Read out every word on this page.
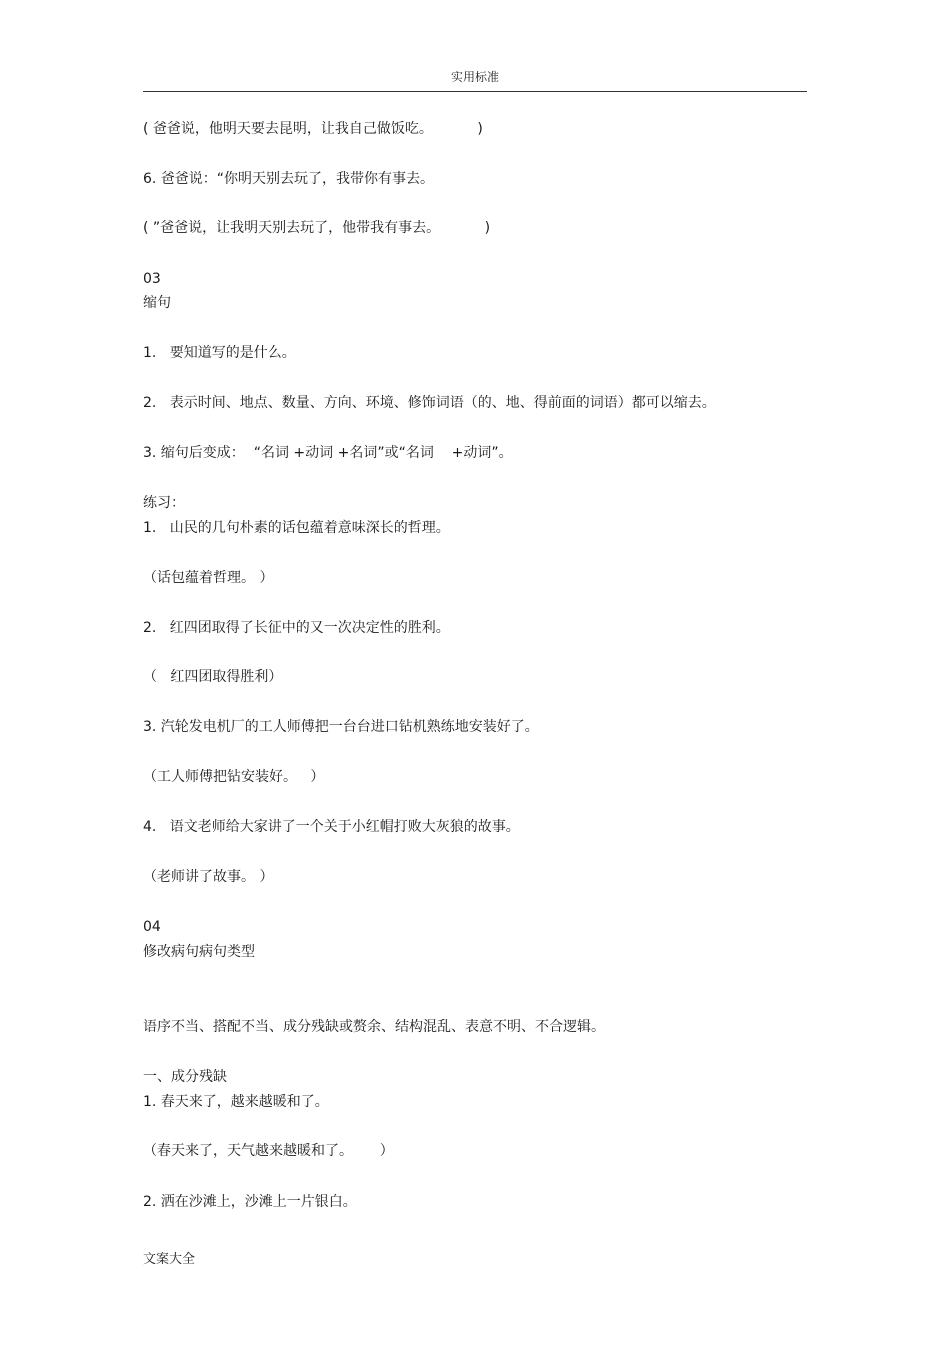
实用标准
( 爸爸说，他明天要去昆明，让我自己做饭吃。          )
6. 爸爸说：“你明天别去玩了，我带你有事去。
( ”爸爸说，让我明天别去玩了，他带我有事去。          )
03
缩句
1.   要知道写的是什么。
2.   表示时间、地点、数量、方向、环境、修饰词语（的、地、得前面的词语）都可以缩去。
3. 缩句后变成：  “名词 +动词 +名词”或“名词    +动词”。
练习：
1.   山民的几句朴素的话包蕴着意味深长的哲理。
（话包蕴着哲理。 ）
2.   红四团取得了长征中的又一次决定性的胜利。
（   红四团取得胜利）
3. 汽轮发电机厂的工人师傅把一台台进口钻机熟练地安装好了。
（工人师傅把钻安装好。   ）
4.   语文老师给大家讲了一个关于小红帽打败大灰狼的故事。
（老师讲了故事。 ）
04
修改病句病句类型
语序不当、搭配不当、成分残缺或赘余、结构混乱、表意不明、不合逻辑。
一、成分残缺
1. 春天来了，越来越暖和了。
（春天来了，天气越来越暖和了。      ）
2. 洒在沙滩上，沙滩上一片银白。
文案大全
